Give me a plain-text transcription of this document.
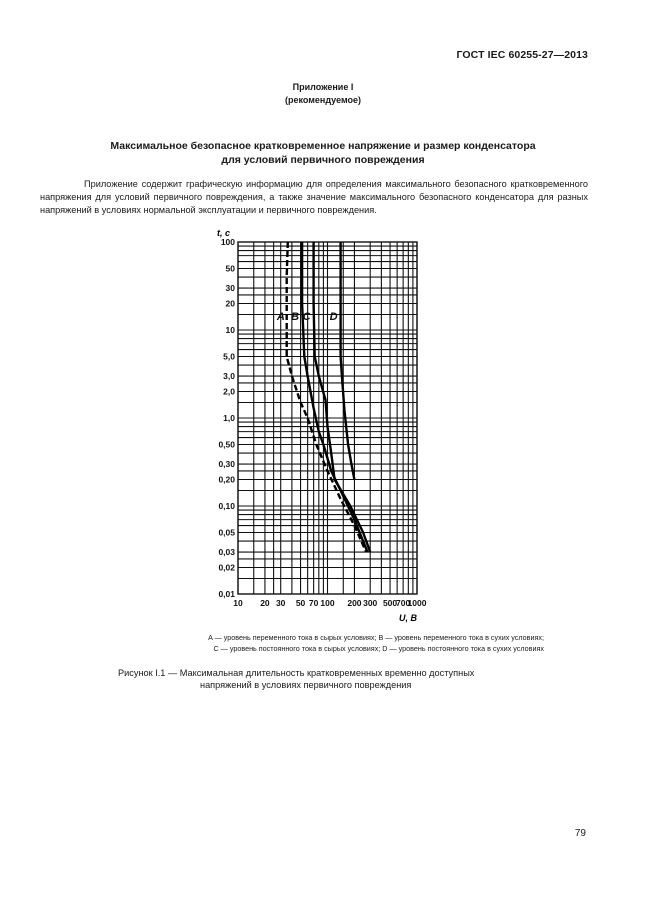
ГОСТ IEC 60255-27—2013
Приложение I
(рекомендуемое)
Максимальное безопасное кратковременное напряжение и размер конденсатора
для условий первичного повреждения
Приложение содержит графическую информацию для определения максимального безопасного кратковременного напряжения для условий первичного повреждения, а также значение максимального безопасного конденсатора для разных напряжений в условиях нормальной эксплуатации и первичного повреждения.
A B C D
10 20 30 50 70 100 200 300 500
700
1000
100
50
30
20
10
5,0
3,0
2,0
1,0
0,50
0,30
0,20
0,10
0,05
0,03
0,02
0,01
t, с
U, В
A — уровень переменного тока в сырых условиях; B — уровень переменного тока в сухих условиях;
C — уровень постоянного тока в сырых условиях; D — уровень постоянного тока в сухих условиях
Рисунок I.1 — Максимальная длительность кратковременных временно доступных
напряжений в условиях первичного повреждения
79
